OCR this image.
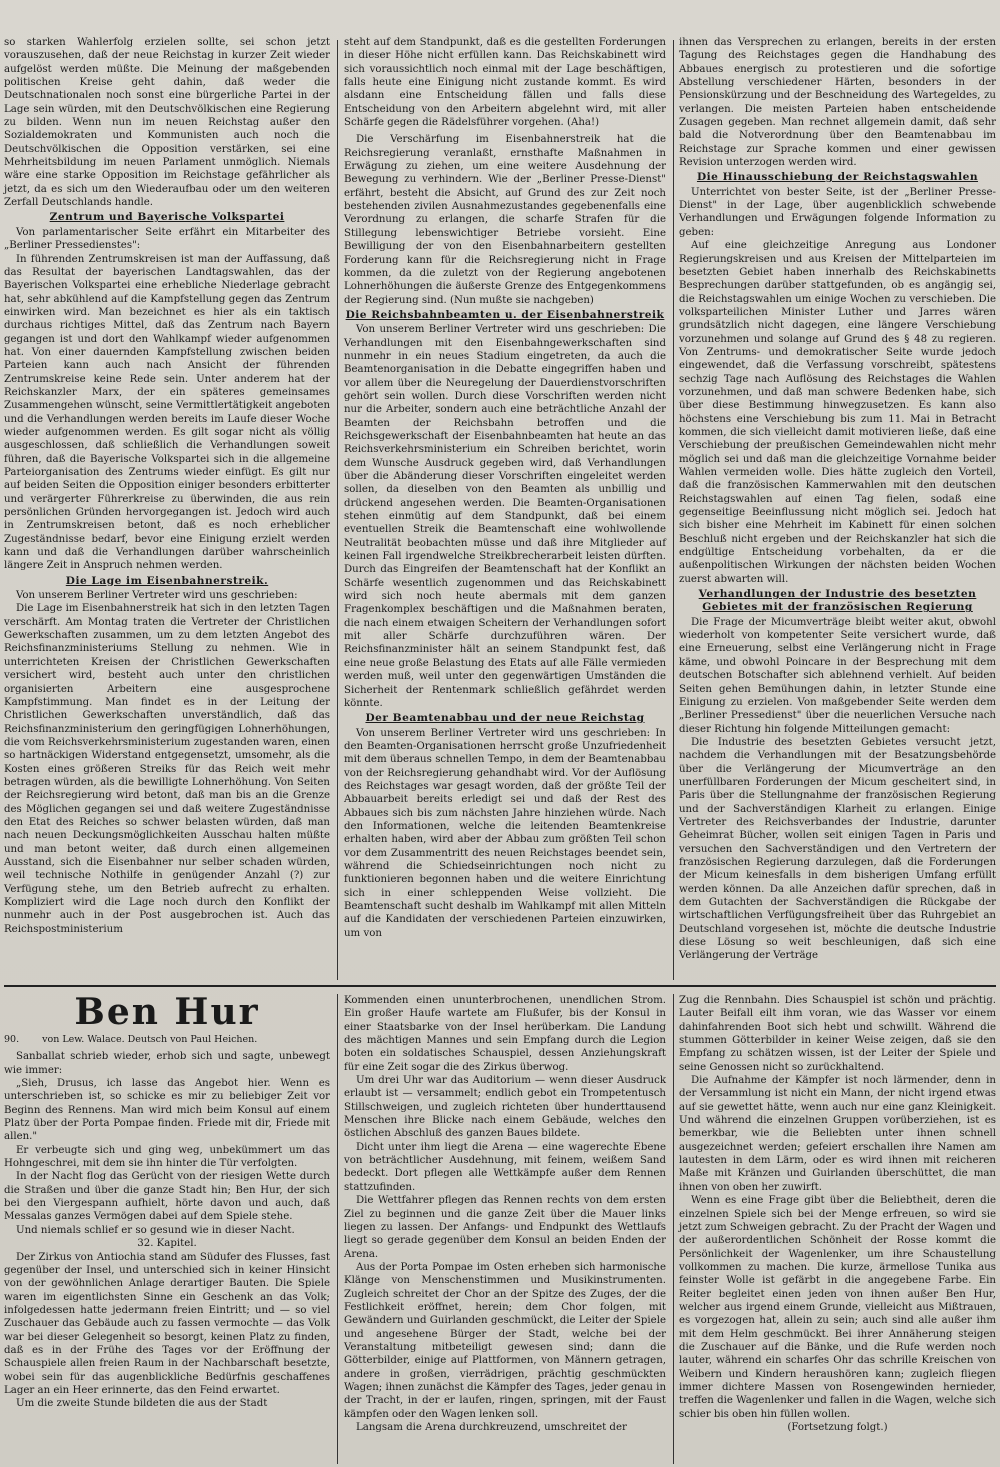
so starken Wahlerfolg erzielen sollte, sei schon jetzt vorauszusehen, daß der neue Reichstag in kurzer Zeit wieder aufgelöst werden müßte. Die Meinung der maßgebenden politischen Kreise geht dahin, daß weder die Deutschnationalen noch sonst eine bürgerliche Partei in der Lage sein würden, mit den Deutschvölkischen eine Regierung zu bilden. Wenn nun im neuen Reichstag außer den Sozialdemokraten und Kommunisten auch noch die Deutschvölkischen die Opposition verstärken, sei eine Mehrheitsbildung im neuen Parlament unmöglich. Niemals wäre eine starke Opposition im Reichstage gefährlicher als jetzt, da es sich um den Wiederaufbau oder um den weiteren Zerfall Deutschlands handle.

Zentrum und Bayerische Volkspartei

Von parlamentarischer Seite erfährt ein Mitarbeiter des „Berliner Pressedienstes":

In führenden Zentrumskreisen ist man der Auffassung, daß das Resultat der bayerischen Landtagswahlen, das der Bayerischen Volkspartei eine erhebliche Niederlage gebracht hat, sehr abkühlend auf die Kampfstellung gegen das Zentrum einwirken wird. Man bezeichnet es hier als ein taktisch durchaus richtiges Mittel, daß das Zentrum nach Bayern gegangen ist und dort den Wahlkampf wieder aufgenommen hat. Von einer dauernden Kampfstellung zwischen beiden Parteien kann auch nach Ansicht der führenden Zentrumskreise keine Rede sein. Unter anderem hat der Reichskanzler Marx, der ein späteres gemeinsames Zusammengehen wünscht, seine Vermittlertätigkeit angeboten und die Verhandlungen werden bereits im Laufe dieser Woche wieder aufgenommen werden. Es gilt sogar nicht als völlig ausgeschlossen, daß schließlich die Verhandlungen soweit führen, daß die Bayerische Volkspartei sich in die allgemeine Parteiorganisation des Zentrums wieder einfügt. Es gilt nur auf beiden Seiten die Opposition einiger besonders erbitterter und verärgerter Führerkreise zu überwinden, die aus rein persönlichen Gründen hervorgegangen ist. Jedoch wird auch in Zentrumskreisen betont, daß es noch erheblicher Zugeständnisse bedarf, bevor eine Einigung erzielt werden kann und daß die Verhandlungen darüber wahrscheinlich längere Zeit in Anspruch nehmen werden.

Die Lage im Eisenbahnerstreik.

Von unserem Berliner Vertreter wird uns geschrieben:

Die Lage im Eisenbahnerstreik hat sich in den letzten Tagen verschärft. Am Montag traten die Vertreter der Christlichen Gewerkschaften zusammen, um zu dem letzten Angebot des Reichsfinanzministeriums Stellung zu nehmen. Wie in unterrichteten Kreisen der Christlichen Gewerkschaften versichert wird, besteht auch unter den christlichen organisierten Arbeitern eine ausgesprochene Kampfstimmung. Man findet es in der Leitung der Christlichen Gewerkschaften unverständlich, daß das Reichsfinanzministerium den geringfügigen Lohnerhöhungen, die vom Reichsverkehrsministerium zugestanden waren, einen so hartnäckigen Widerstand entgegensetzt, umsomehr, als die Kosten eines größeren Streiks für das Reich weit mehr betragen würden, als die bewilligte Lohnerhöhung. Von Seiten der Reichsregierung wird betont, daß man bis an die Grenze des Möglichen gegangen sei und daß weitere Zugeständnisse den Etat des Reiches so schwer belasten würden, daß man nach neuen Deckungsmöglichkeiten Ausschau halten müßte und man betont weiter, daß durch einen allgemeinen Ausstand, sich die Eisenbahner nur selber schaden würden, weil technische Nothilfe in genügender Anzahl (?) zur Verfügung stehe, um den Betrieb aufrecht zu erhalten. Kompliziert wird die Lage noch durch den Konflikt der nunmehr auch in der Post ausgebrochen ist. Auch das Reichspostministerium

steht auf dem Standpunkt, daß es die gestellten Forderungen in dieser Höhe nicht erfüllen kann. Das Reichskabinett wird sich voraussichtlich noch einmal mit der Lage beschäftigen, falls heute eine Einigung nicht zustande kommt. Es wird alsdann eine Entscheidung fällen und falls diese Entscheidung von den Arbeitern abgelehnt wird, mit aller Schärfe gegen die Rädelsführer vorgehen. (Aha!)

Die Verschärfung im Eisenbahnerstreik hat die Reichsregierung veranlaßt, ernsthafte Maßnahmen in Erwägung zu ziehen, um eine weitere Ausdehnung der Bewegung zu verhindern. Wie der „Berliner Presse-Dienst" erfährt, besteht die Absicht, auf Grund des zur Zeit noch bestehenden zivilen Ausnahmezustandes gegebenenfalls eine Verordnung zu erlangen, die scharfe Strafen für die Stillegung lebenswichtiger Betriebe vorsieht. Eine Bewilligung der von den Eisenbahnarbeitern gestellten Forderung kann für die Reichsregierung nicht in Frage kommen, da die zuletzt von der Regierung angebotenen Lohnerhöhungen die äußerste Grenze des Entgegenkommens der Regierung sind. (Nun mußte sie nachgeben)

Die Reichsbahnbeamten u. der Eisenbahnerstreik

Von unserem Berliner Vertreter wird uns geschrieben: Die Verhandlungen mit den Eisenbahngewerkschaften sind nunmehr in ein neues Stadium eingetreten, da auch die Beamtenorganisation in die Debatte eingegriffen haben und vor allem über die Neuregelung der Dauerdienstvorschriften gehört sein wollen. Durch diese Vorschriften werden nicht nur die Arbeiter, sondern auch eine beträchtliche Anzahl der Beamten der Reichsbahn betroffen und die Reichsgewerkschaft der Eisenbahnbeamten hat heute an das Reichsverkehrsministerium ein Schreiben berichtet, worin dem Wunsche Ausdruck gegeben wird, daß Verhandlungen über die Abänderung dieser Vorschriften eingeleitet werden sollen, da dieselben von den Beamten als unbillig und drückend angesehen werden. Die Beamten-Organisationen stehen einmütig auf dem Standpunkt, daß bei einem eventuellen Streik die Beamtenschaft eine wohlwollende Neutralität beobachten müsse und daß ihre Mitglieder auf keinen Fall irgendwelche Streikbrecherarbeit leisten dürften. Durch das Eingreifen der Beamtenschaft hat der Konflikt an Schärfe wesentlich zugenommen und das Reichskabinett wird sich noch heute abermals mit dem ganzen Fragenkomplex beschäftigen und die Maßnahmen beraten, die nach einem etwaigen Scheitern der Verhandlungen sofort mit aller Schärfe durchzuführen wären. Der Reichsfinanzminister hält an seinem Standpunkt fest, daß eine neue große Belastung des Etats auf alle Fälle vermieden werden muß, weil unter den gegenwärtigen Umständen die Sicherheit der Rentenmark schließlich gefährdet werden könnte.

Der Beamtenabbau und der neue Reichstag

Von unserem Berliner Vertreter wird uns geschrieben: In den Beamten-Organisationen herrscht große Unzufriedenheit mit dem überaus schnellen Tempo, in dem der Beamtenabbau von der Reichsregierung gehandhabt wird. Vor der Auflösung des Reichstages war gesagt worden, daß der größte Teil der Abbauarbeit bereits erledigt sei und daß der Rest des Abbaues sich bis zum nächsten Jahre hinziehen würde. Nach den Informationen, welche die leitenden Beamtenkreise erhalten haben, wird aber der Abbau zum größten Teil schon vor dem Zusammentritt des neuen Reichstages beendet sein, während die Schiedseinrichtungen noch nicht zu funktionieren begonnen haben und die weitere Einrichtung sich in einer schleppenden Weise vollzieht. Die Beamtenschaft sucht deshalb im Wahlkampf mit allen Mitteln auf die Kandidaten der verschiedenen Parteien einzuwirken, um von

ihnen das Versprechen zu erlangen, bereits in der ersten Tagung des Reichstages gegen die Handhabung des Abbaues energisch zu protestieren und die sofortige Abstellung verschiedener Härten, besonders in der Pensionskürzung und der Beschneidung des Wartegeldes, zu verlangen. Die meisten Parteien haben entscheidende Zusagen gegeben. Man rechnet allgemein damit, daß sehr bald die Notverordnung über den Beamtenabbau im Reichstage zur Sprache kommen und einer gewissen Revision unterzogen werden wird.

Die Hinausschiebung der Reichstagswahlen

Unterrichtet von bester Seite, ist der „Berliner Presse-Dienst" in der Lage, über augenblicklich schwebende Verhandlungen und Erwägungen folgende Information zu geben:

Auf eine gleichzeitige Anregung aus Londoner Regierungskreisen und aus Kreisen der Mittelparteien im besetzten Gebiet haben innerhalb des Reichskabinetts Besprechungen darüber stattgefunden, ob es angängig sei, die Reichstagswahlen um einige Wochen zu verschieben. Die volksparteilichen Minister Luther und Jarres wären grundsätzlich nicht dagegen, eine längere Verschiebung vorzunehmen und solange auf Grund des § 48 zu regieren. Von Zentrums- und demokratischer Seite wurde jedoch eingewendet, daß die Verfassung vorschreibt, spätestens sechzig Tage nach Auflösung des Reichstages die Wahlen vorzunehmen, und daß man schwere Bedenken habe, sich über diese Bestimmung hinwegzusetzen. Es kann also höchstens eine Verschiebung bis zum 11. Mai in Betracht kommen, die sich vielleicht damit motivieren ließe, daß eine Verschiebung der preußischen Gemeindewahlen nicht mehr möglich sei und daß man die gleichzeitige Vornahme beider Wahlen vermeiden wolle. Dies hätte zugleich den Vorteil, daß die französischen Kammerwahlen mit den deutschen Reichstagswahlen auf einen Tag fielen, sodaß eine gegenseitige Beeinflussung nicht möglich sei. Jedoch hat sich bisher eine Mehrheit im Kabinett für einen solchen Beschluß nicht ergeben und der Reichskanzler hat sich die endgültige Entscheidung vorbehalten, da er die außenpolitischen Wirkungen der nächsten beiden Wochen zuerst abwarten will.

Verhandlungen der Industrie des besetzten Gebietes mit der französischen Regierung

Die Frage der Micumverträge bleibt weiter akut, obwohl wiederholt von kompetenter Seite versichert wurde, daß eine Erneuerung, selbst eine Verlängerung nicht in Frage käme, und obwohl Poincare in der Besprechung mit dem deutschen Botschafter sich ablehnend verhielt. Auf beiden Seiten gehen Bemühungen dahin, in letzter Stunde eine Einigung zu erzielen. Von maßgebender Seite werden dem „Berliner Pressedienst" über die neuerlichen Versuche nach dieser Richtung hin folgende Mitteilungen gemacht:

Die Industrie des besetzten Gebietes versucht jetzt, nachdem die Verhandlungen mit der Besatzungsbehörde über die Verlängerung der Micumverträge an den unerfüllbaren Forderungen der Micum gescheitert sind, in Paris über die Stellungnahme der französischen Regierung und der Sachverständigen Klarheit zu erlangen. Einige Vertreter des Reichsverbandes der Industrie, darunter Geheimrat Bücher, wollen seit einigen Tagen in Paris und versuchen den Sachverständigen und den Vertretern der französischen Regierung darzulegen, daß die Forderungen der Micum keinesfalls in dem bisherigen Umfang erfüllt werden können. Da alle Anzeichen dafür sprechen, daß in dem Gutachten der Sachverständigen die Rückgabe der wirtschaftlichen Verfügungsfreiheit über das Ruhrgebiet an Deutschland vorgesehen ist, möchte die deutsche Industrie diese Lösung so weit beschleunigen, daß sich eine Verlängerung der Verträge

Ben Hur
90. von Lew. Walace. Deutsch von Paul Heichen.

Sanballat schrieb wieder, erhob sich und sagte, unbewegt wie immer:

„Sieh, Drusus, ich lasse das Angebot hier. Wenn es unterschrieben ist, so schicke es mir zu beliebiger Zeit vor Beginn des Rennens. Man wird mich beim Konsul auf einem Platz über der Porta Pompae finden. Friede mit dir, Friede mit allen."

Er verbeugte sich und ging weg, unbekümmert um das Hohngeschrei, mit dem sie ihn hinter die Tür verfolgten.

In der Nacht flog das Gerücht von der riesigen Wette durch die Straßen und über die ganze Stadt hin; Ben Hur, der sich bei den Viergespann aufhielt, hörte davon und auch, daß Messalas ganzes Vermögen dabei auf dem Spiele stehe.

Und niemals schlief er so gesund wie in dieser Nacht.

32. Kapitel.

Der Zirkus von Antiochia stand am Südufer des Flusses, fast gegenüber der Insel, und unterschied sich in keiner Hinsicht von der gewöhnlichen Anlage derartiger Bauten. Die Spiele waren im eigentlichsten Sinne ein Geschenk an das Volk; infolgedessen hatte jedermann freien Eintritt; und — so viel Zuschauer das Gebäude auch zu fassen vermochte — das Volk war bei dieser Gelegenheit so besorgt, keinen Platz zu finden, daß es in der Frühe des Tages vor der Eröffnung der Schauspiele allen freien Raum in der Nachbarschaft besetzte, wobei sein für das augenblickliche Bedürfnis geschaffenes Lager an ein Heer erinnerte, das den Feind erwartet.

Um die zweite Stunde bildeten die aus der Stadt

Kommenden einen ununterbrochenen, unendlichen Strom. Ein großer Haufe wartete am Flußufer, bis der Konsul in einer Staatsbarke von der Insel herüberkam. Die Landung des mächtigen Mannes und sein Empfang durch die Legion boten ein soldatisches Schauspiel, dessen Anziehungskraft für eine Zeit sogar die des Zirkus überwog.

Um drei Uhr war das Auditorium — wenn dieser Ausdruck erlaubt ist — versammelt; endlich gebot ein Trompetentusch Stillschweigen, und zugleich richteten über hunderttausend Menschen ihre Blicke nach einem Gebäude, welches den östlichen Abschluß des ganzen Baues bildete.

Dicht unter ihm liegt die Arena — eine wagerechte Ebene von beträchtlicher Ausdehnung, mit feinem, weißem Sand bedeckt. Dort pflegen alle Wettkämpfe außer dem Rennen stattzufinden.

Die Wettfahrer pflegen das Rennen rechts von dem ersten Ziel zu beginnen und die ganze Zeit über die Mauer links liegen zu lassen. Der Anfangs- und Endpunkt des Wettlaufs liegt so gerade gegenüber dem Konsul an beiden Enden der Arena.

Aus der Porta Pompae im Osten erheben sich harmonische Klänge von Menschenstimmen und Musikinstrumenten. Zugleich schreitet der Chor an der Spitze des Zuges, der die Festlichkeit eröffnet, herein; dem Chor folgen, mit Gewändern und Guirlanden geschmückt, die Leiter der Spiele und angesehene Bürger der Stadt, welche bei der Veranstaltung mitbeteiligt gewesen sind; dann die Götterbilder, einige auf Plattformen, von Männern getragen, andere in großen, vierrädrigen, prächtig geschmückten Wagen; ihnen zunächst die Kämpfer des Tages, jeder genau in der Tracht, in der er laufen, ringen, springen, mit der Faust kämpfen oder den Wagen lenken soll.

Langsam die Arena durchkreuzend, umschreitet der

Zug die Rennbahn. Dies Schauspiel ist schön und prächtig. Lauter Beifall eilt ihm voran, wie das Wasser vor einem dahinfahrenden Boot sich hebt und schwillt. Während die stummen Götterbilder in keiner Weise zeigen, daß sie den Empfang zu schätzen wissen, ist der Leiter der Spiele und seine Genossen nicht so zurückhaltend.

Die Aufnahme der Kämpfer ist noch lärmender, denn in der Versammlung ist nicht ein Mann, der nicht irgend etwas auf sie gewettet hätte, wenn auch nur eine ganz Kleinigkeit. Und während die einzelnen Gruppen vorüberziehen, ist es bemerkbar, wie die Beliebten unter ihnen schnell ausgezeichnet werden; gefeiert erschallen ihre Namen am lautesten in dem Lärm, oder es wird ihnen mit reicheren Maße mit Kränzen und Guirlanden überschüttet, die man ihnen von oben her zuwirft.

Wenn es eine Frage gibt über die Beliebtheit, deren die einzelnen Spiele sich bei der Menge erfreuen, so wird sie jetzt zum Schweigen gebracht. Zu der Pracht der Wagen und der außerordentlichen Schönheit der Rosse kommt die Persönlichkeit der Wagenlenker, um ihre Schaustellung vollkommen zu machen. Die kurze, ärmellose Tunika aus feinster Wolle ist gefärbt in die angegebene Farbe. Ein Reiter begleitet einen jeden von ihnen außer Ben Hur, welcher aus irgend einem Grunde, vielleicht aus Mißtrauen, es vorgezogen hat, allein zu sein; auch sind alle außer ihm mit dem Helm geschmückt. Bei ihrer Annäherung steigen die Zuschauer auf die Bänke, und die Rufe werden noch lauter, während ein scharfes Ohr das schrille Kreischen von Weibern und Kindern heraushören kann; zugleich fliegen immer dichtere Massen von Rosengewinden hernieder, treffen die Wagenlenker und fallen in die Wagen, welche sich schier bis oben hin füllen wollen.

(Fortsetzung folgt.)
